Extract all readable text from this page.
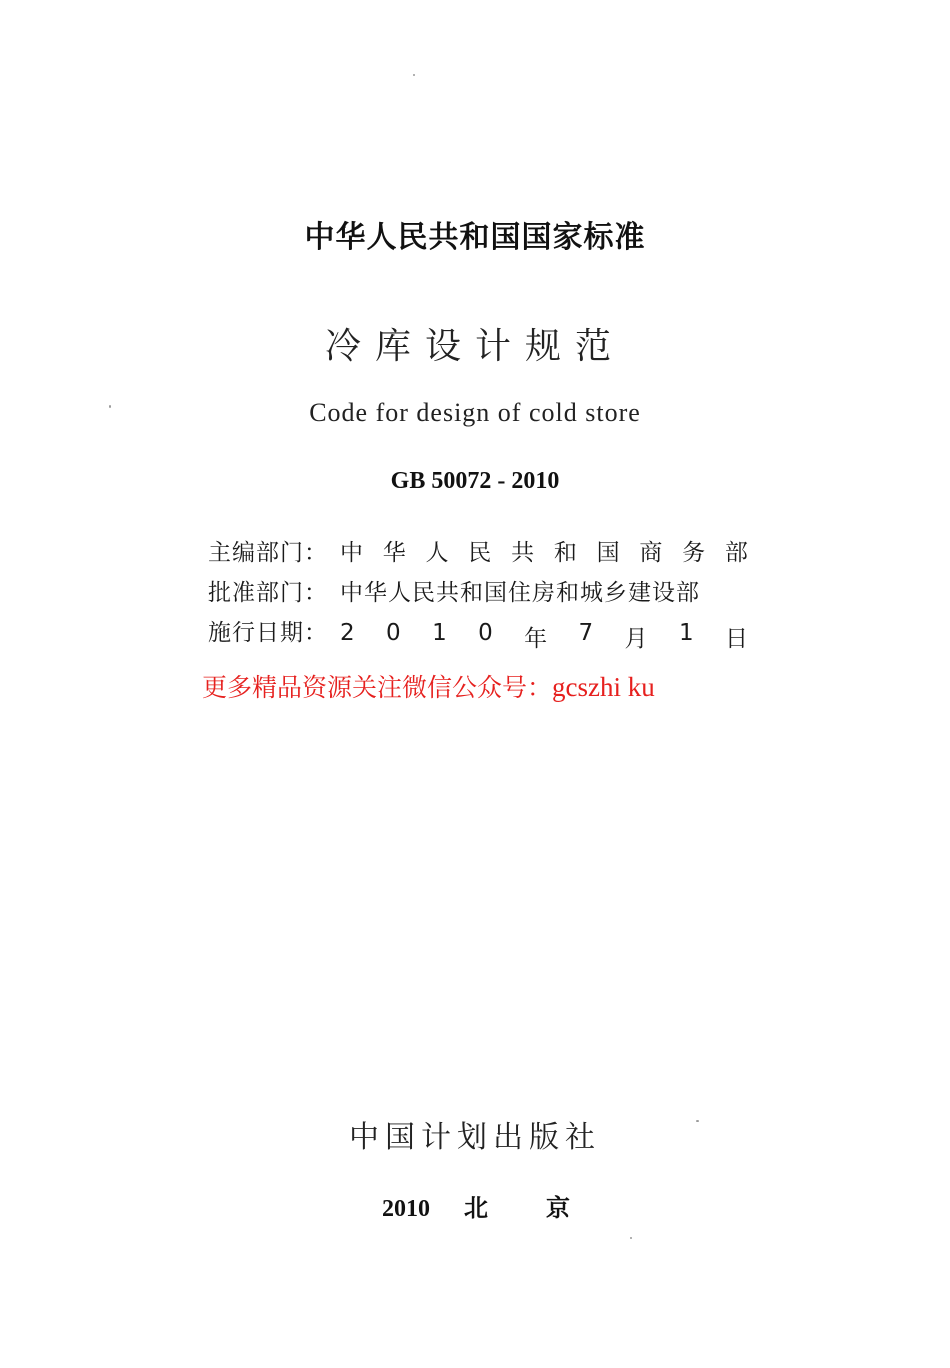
中华人民共和国国家标准
冷库设计规范
Code for design of cold store
GB 50072 - 2010
主编部门： 中 华 人 民 共 和 国 商 务 部
批准部门： 中华人民共和国住房和城乡建设部
施行日期： 2 0 1 0 年 7 月 1 日
更多精品资源关注微信公众号：gcszhi ku
中国计划出版社
2010 北 京
